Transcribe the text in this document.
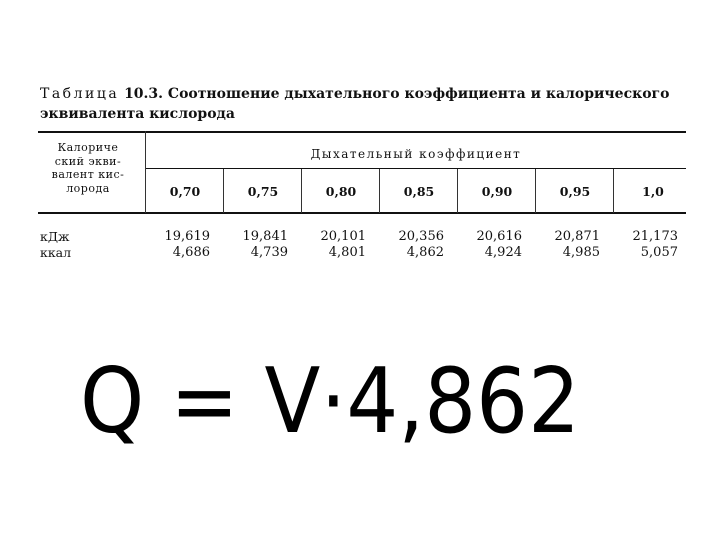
Таблица 10.3. Соотношение дыхательного коэффициента и калорического эквивалента кислорода
Калориче
ский экви-
валент кис-
лорода
Дыхательный коэффициент
0,70	0,75	0,80	0,85	0,90	0,95	1,0
кДж	19,619	19,841	20,101	20,356	20,616	20,871	21,173
ккал	4,686	4,739	4,801	4,862	4,924	4,985	5,057
Q = V·4,862
